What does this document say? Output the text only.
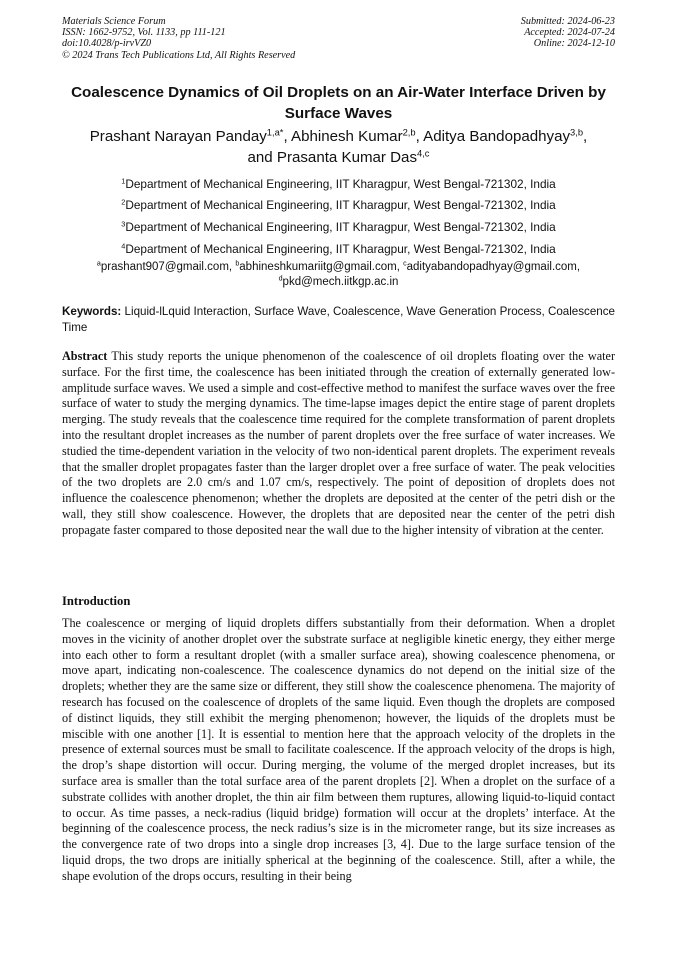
Materials Science Forum
ISSN: 1662-9752, Vol. 1133, pp 111-121
doi:10.4028/p-irvVZ0
© 2024 Trans Tech Publications Ltd, All Rights Reserved
Submitted: 2024-06-23
Accepted: 2024-07-24
Online: 2024-12-10
Coalescence Dynamics of Oil Droplets on an Air-Water Interface Driven by Surface Waves
Prashant Narayan Panday$^{1,a*}$, Abhinesh Kumar$^{2,b}$, Aditya Bandopadhyay$^{3,b}$,
and Prasanta Kumar Das$^{4,c}$
$^1$Department of Mechanical Engineering, IIT Kharagpur, West Bengal-721302, India
$^2$Department of Mechanical Engineering, IIT Kharagpur, West Bengal-721302, India
$^3$Department of Mechanical Engineering, IIT Kharagpur, West Bengal-721302, India
$^4$Department of Mechanical Engineering, IIT Kharagpur, West Bengal-721302, India
$^a$prashant907@gmail.com, $^b$abhineshkumariitg@gmail.com, $^c$adityabandopadhyay@gmail.com,
$^d$pkd@mech.iitkgp.ac.in
Keywords: Liquid-lLquid Interaction, Surface Wave, Coalescence, Wave Generation Process, Coalescence Time
Abstract This study reports the unique phenomenon of the coalescence of oil droplets floating over the water surface. For the first time, the coalescence has been initiated through the creation of externally generated low-amplitude surface waves. We used a simple and cost-effective method to manifest the surface waves over the free surface of water to study the merging dynamics. The time-lapse images depict the entire stage of parent droplets merging. The study reveals that the coalescence time required for the complete transformation of parent droplets into the resultant droplet increases as the number of parent droplets over the free surface of water increases. We studied the time-dependent variation in the velocity of two non-identical parent droplets. The experiment reveals that the smaller droplet propagates faster than the larger droplet over a free surface of water. The peak velocities of the two droplets are 2.0 cm/s and 1.07 cm/s, respectively. The point of deposition of droplets does not influence the coalescence phenomenon; whether the droplets are deposited at the center of the petri dish or the wall, they still show coalescence. However, the droplets that are deposited near the center of the petri dish propagate faster compared to those deposited near the wall due to the higher intensity of vibration at the center.
Introduction
The coalescence or merging of liquid droplets differs substantially from their deformation. When a droplet moves in the vicinity of another droplet over the substrate surface at negligible kinetic energy, they either merge into each other to form a resultant droplet (with a smaller surface area), showing coalescence phenomena, or move apart, indicating non-coalescence. The coalescence dynamics do not depend on the initial size of the droplets; whether they are the same size or different, they still show the coalescence phenomena. The majority of research has focused on the coalescence of droplets of the same liquid. Even though the droplets are composed of distinct liquids, they still exhibit the merging phenomenon; however, the liquids of the droplets must be miscible with one another [1]. It is essential to mention here that the approach velocity of the droplets in the presence of external sources must be small to facilitate coalescence. If the approach velocity of the drops is high, the drop’s shape distortion will occur. During merging, the volume of the merged droplet increases, but its surface area is smaller than the total surface area of the parent droplets [2]. When a droplet on the surface of a substrate collides with another droplet, the thin air film between them ruptures, allowing liquid-to-liquid contact to occur. As time passes, a neck-radius (liquid bridge) formation will occur at the droplets’ interface. At the beginning of the coalescence process, the neck radius’s size is in the micrometer range, but its size increases as the convergence rate of two drops into a single drop increases [3, 4]. Due to the large surface tension of the liquid drops, the two drops are initially spherical at the beginning of the coalescence. Still, after a while, the shape evolution of the drops occurs, resulting in their being
